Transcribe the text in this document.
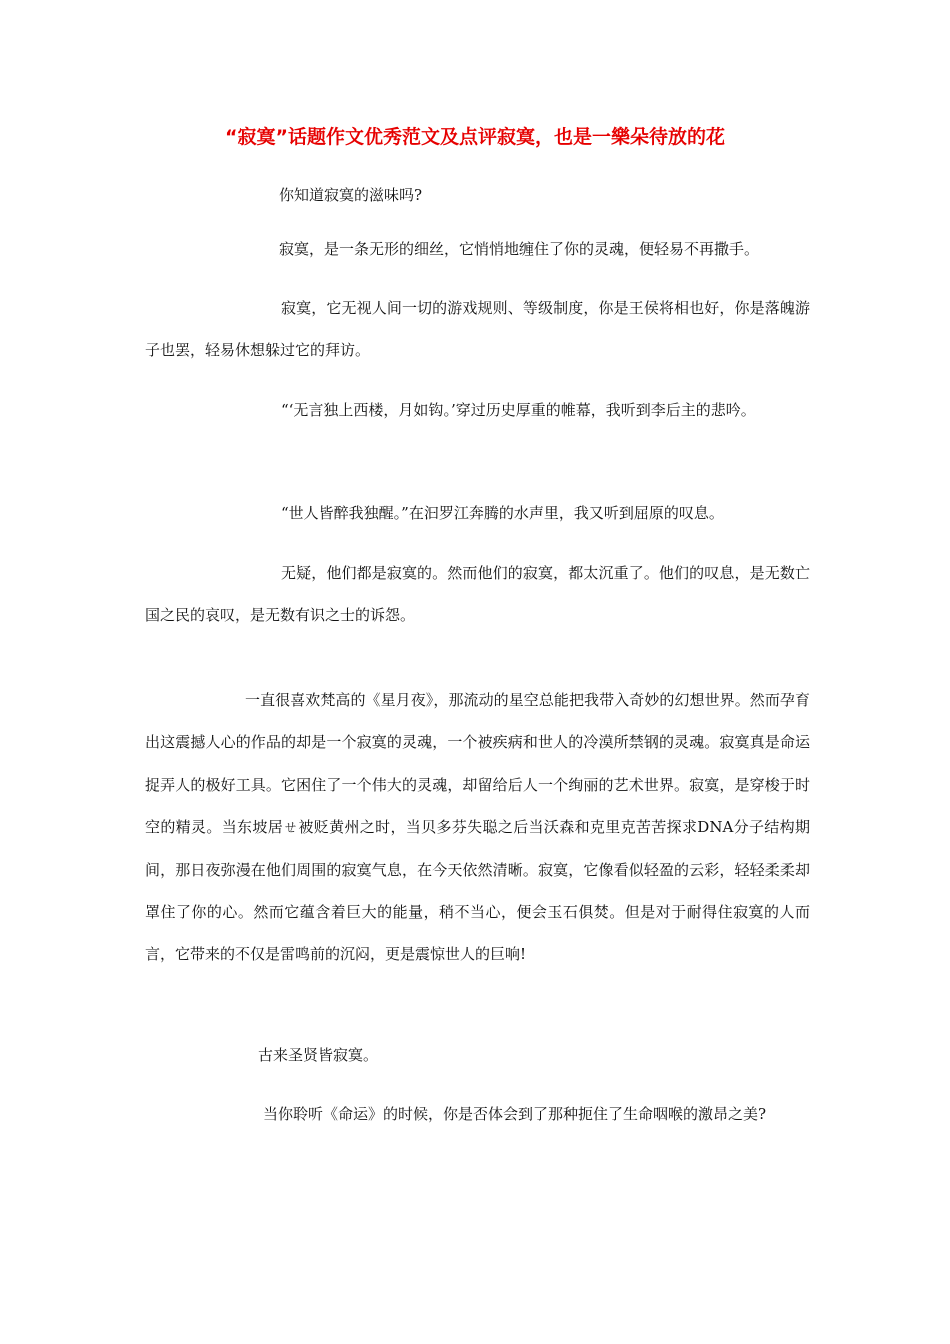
“寂寞”话题作文优秀范文及点评寂寞，也是一樂朵待放的花

你知道寂寞的滋味吗?

寂寞，是一条无形的细丝，它悄悄地缠住了你的灵魂，便轻易不再撒手。

寂寞，它无视人间一切的游戏规则、等级制度，你是王侯将相也好，你是落魄游子也罢，轻易休想躲过它的拜访。

“‘无言独上西楼，月如钩。’穿过历史厚重的帷幕，我听到李后主的悲吟。

“世人皆醉我独醒。”在汩罗江奔腾的水声里，我又听到屈原的叹息。

无疑，他们都是寂寞的。然而他们的寂寞，都太沉重了。他们的叹息，是无数亡国之民的哀叹，是无数有识之士的诉怨。

一直很喜欢梵高的《星月夜》，那流动的星空总能把我带入奇妙的幻想世界。然而孕育出这震撼人心的作品的却是一个寂寞的灵魂，一个被疾病和世人的冷漠所禁钢的灵魂。寂寞真是命运捉弄人的极好工具。它困住了一个伟大的灵魂，却留给后人一个绚丽的艺术世界。寂寞，是穿梭于时空的精灵。当东坡居ㄝ被贬黄州之时，当贝多芬失聪之后当沃森和克里克苦苦探求DNA分子结构期间，那日夜弥漫在他们周围的寂寞气息，在今天依然清晰。寂寞，它像看似轻盈的云彩，轻轻柔柔却罩住了你的心。然而它蕴含着巨大的能量，稍不当心，便会玉石俱焚。但是对于耐得住寂寞的人而言，它带来的不仅是雷鸣前的沉闷，更是震惊世人的巨响!

古来圣贤皆寂寞。

当你聆听《命运》的时候，你是否体会到了那种扼住了生命咽喉的激昂之美?
